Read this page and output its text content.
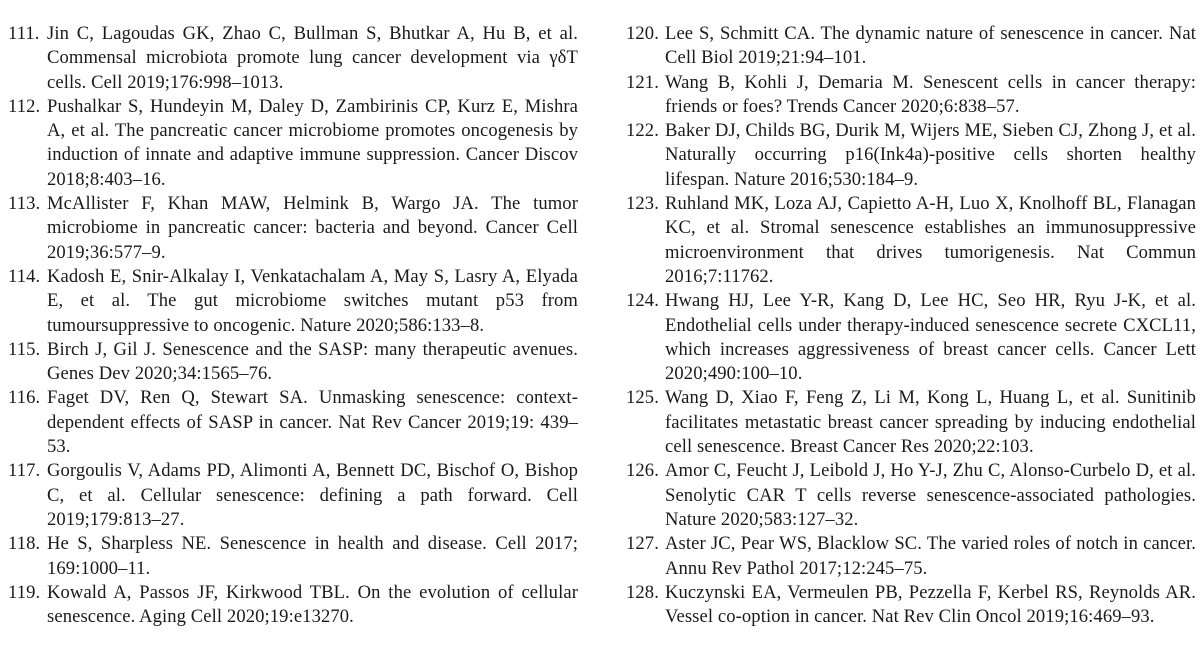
111. Jin C, Lagoudas GK, Zhao C, Bullman S, Bhutkar A, Hu B, et al. Commensal microbiota promote lung cancer development via γδT cells. Cell 2019;176:998–1013.
112. Pushalkar S, Hundeyin M, Daley D, Zambirinis CP, Kurz E, Mishra A, et al. The pancreatic cancer microbiome promotes oncogenesis by induction of innate and adaptive immune suppression. Cancer Discov 2018;8:403–16.
113. McAllister F, Khan MAW, Helmink B, Wargo JA. The tumor microbiome in pancreatic cancer: bacteria and beyond. Cancer Cell 2019;36:577–9.
114. Kadosh E, Snir-Alkalay I, Venkatachalam A, May S, Lasry A, Elyada E, et al. The gut microbiome switches mutant p53 from tumoursuppressive to oncogenic. Nature 2020;586:133–8.
115. Birch J, Gil J. Senescence and the SASP: many therapeutic avenues. Genes Dev 2020;34:1565–76.
116. Faget DV, Ren Q, Stewart SA. Unmasking senescence: context-dependent effects of SASP in cancer. Nat Rev Cancer 2019;19: 439–53.
117. Gorgoulis V, Adams PD, Alimonti A, Bennett DC, Bischof O, Bishop C, et al. Cellular senescence: defining a path forward. Cell 2019;179:813–27.
118. He S, Sharpless NE. Senescence in health and disease. Cell 2017; 169:1000–11.
119. Kowald A, Passos JF, Kirkwood TBL. On the evolution of cellular senescence. Aging Cell 2020;19:e13270.
120. Lee S, Schmitt CA. The dynamic nature of senescence in cancer. Nat Cell Biol 2019;21:94–101.
121. Wang B, Kohli J, Demaria M. Senescent cells in cancer therapy: friends or foes? Trends Cancer 2020;6:838–57.
122. Baker DJ, Childs BG, Durik M, Wijers ME, Sieben CJ, Zhong J, et al. Naturally occurring p16(Ink4a)-positive cells shorten healthy lifespan. Nature 2016;530:184–9.
123. Ruhland MK, Loza AJ, Capietto A-H, Luo X, Knolhoff BL, Flanagan KC, et al. Stromal senescence establishes an immunosuppressive microenvironment that drives tumorigenesis. Nat Commun 2016;7:11762.
124. Hwang HJ, Lee Y-R, Kang D, Lee HC, Seo HR, Ryu J-K, et al. Endothelial cells under therapy-induced senescence secrete CXCL11, which increases aggressiveness of breast cancer cells. Cancer Lett 2020;490:100–10.
125. Wang D, Xiao F, Feng Z, Li M, Kong L, Huang L, et al. Sunitinib facilitates metastatic breast cancer spreading by inducing endothelial cell senescence. Breast Cancer Res 2020;22:103.
126. Amor C, Feucht J, Leibold J, Ho Y-J, Zhu C, Alonso-Curbelo D, et al. Senolytic CAR T cells reverse senescence-associated pathologies. Nature 2020;583:127–32.
127. Aster JC, Pear WS, Blacklow SC. The varied roles of notch in cancer. Annu Rev Pathol 2017;12:245–75.
128. Kuczynski EA, Vermeulen PB, Pezzella F, Kerbel RS, Reynolds AR. Vessel co-option in cancer. Nat Rev Clin Oncol 2019;16:469–93.
